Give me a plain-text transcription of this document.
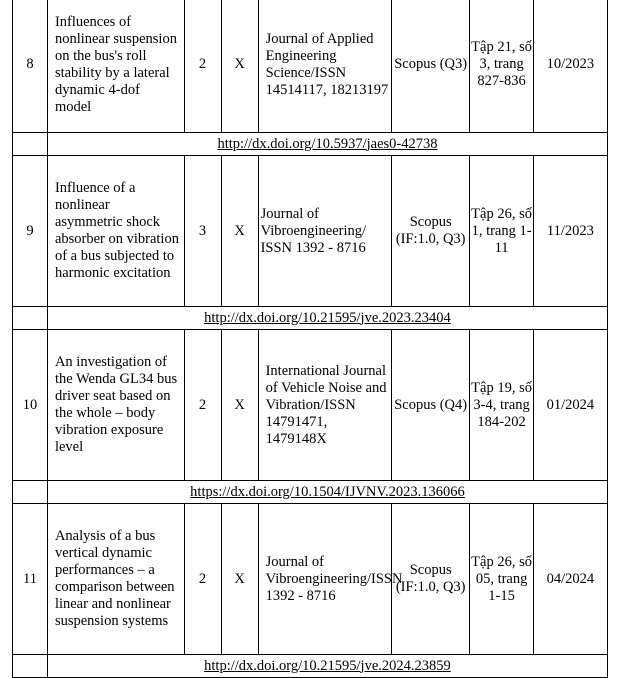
8	Influences of nonlinear suspension on the bus's roll stability by a lateral dynamic 4-dof model	2	X	Journal of Applied Engineering Science/ISSN 14514117, 18213197	Scopus (Q3)	Tập 21, số 3, trang 827-836	10/2023
	http://dx.doi.org/10.5937/jaes0-42738						
9	Influence of a nonlinear asymmetric shock absorber on vibration of a bus subjected to harmonic excitation	3	X	Journal of Vibroengineering/ ISSN 1392 - 8716	Scopus (IF:1.0, Q3)	Tập 26, số 1, trang 1-11	11/2023
	http://dx.doi.org/10.21595/jve.2023.23404						
10	An investigation of the Wenda GL34 bus driver seat based on the whole – body vibration exposure level	2	X	International Journal of Vehicle Noise and Vibration/ISSN 14791471, 1479148X	Scopus (Q4)	Tập 19, số 3-4, trang 184-202	01/2024
	https://dx.doi.org/10.1504/IJVNV.2023.136066						
11	Analysis of a bus vertical dynamic performances – a comparison between linear and nonlinear suspension systems	2	X	Journal of Vibroengineering/ISSN 1392 - 8716	Scopus (IF:1.0, Q3)	Tập 26, số 05, trang 1-15	04/2024
	http://dx.doi.org/10.21595/jve.2024.23859						
